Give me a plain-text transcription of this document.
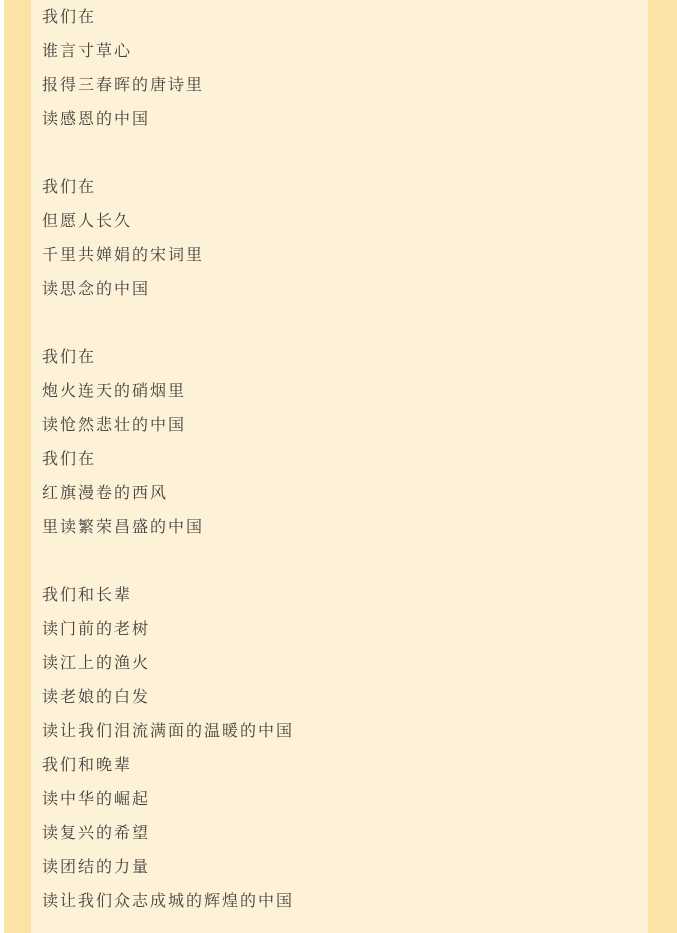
我们在

谁言寸草心

报得三春晖的唐诗里

读感恩的中国

我们在

但愿人长久

千里共婵娟的宋词里

读思念的中国

我们在

炮火连天的硝烟里

读怆然悲壮的中国

我们在

红旗漫卷的西风

里读繁荣昌盛的中国

我们和长辈

读门前的老树

读江上的渔火

读老娘的白发

读让我们泪流满面的温暖的中国

我们和晚辈

读中华的崛起

读复兴的希望

读团结的力量

读让我们众志成城的辉煌的中国
